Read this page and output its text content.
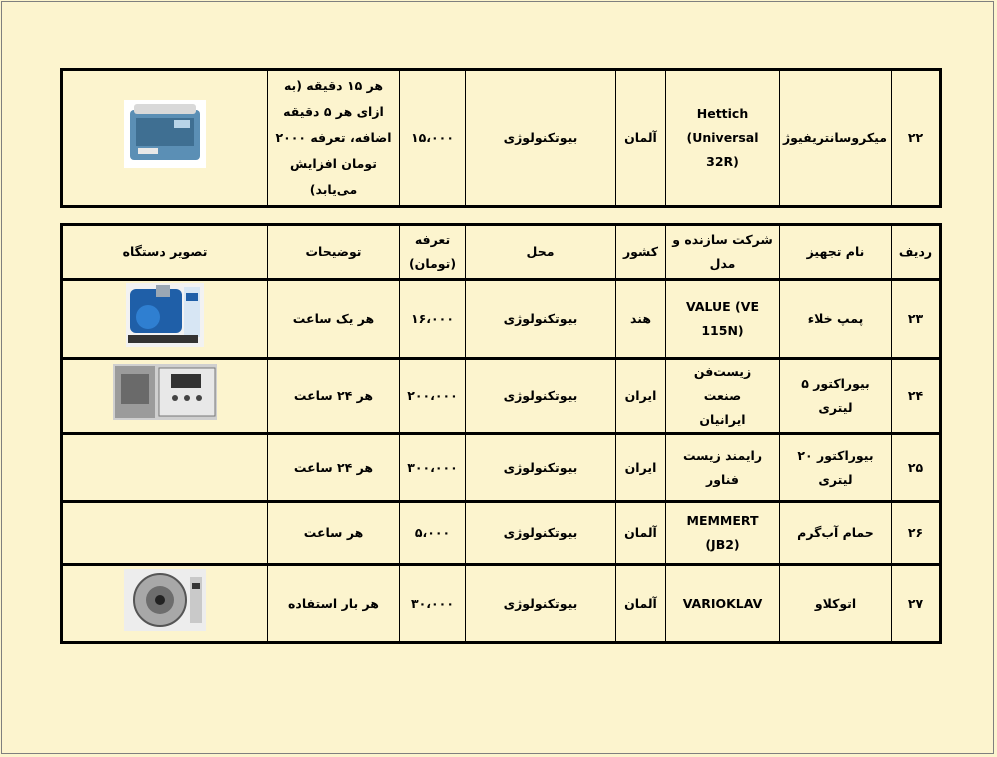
۲۲	میکروسانتریفیوژ	Hettich (Universal 32R)	آلمان	بیوتکنولوژی	۱۵،۰۰۰	هر ۱۵ دقیقه (به ازای هر ۵ دقیقه اضافه، تعرفه ۲۰۰۰ تومان افزایش می‌یابد)	
ردیف	نام تجهیز	شرکت سازنده و مدل	کشور	محل	تعرفه (تومان)	توضیحات	تصویر دستگاه
۲۳	پمپ خلاء	VALUE (VE 115N)	هند	بیوتکنولوژی	۱۶،۰۰۰	هر یک ساعت	

۲۴	بیوراکتور ۵ لیتری	زیست‌فن صنعت ایرانیان	ایران	بیوتکنولوژی	۲۰۰،۰۰۰	هر ۲۴ ساعت	

۲۵	بیوراکتور ۲۰ لیتری	رایمند زیست فناور	ایران	بیوتکنولوژی	۳۰۰،۰۰۰	هر ۲۴ ساعت	
۲۶	حمام آب‌گرم	MEMMERT (JB2)	آلمان	بیوتکنولوژی	۵،۰۰۰	هر ساعت	
۲۷	اتوکلاو	VARIOKLAV	آلمان	بیوتکنولوژی	۳۰،۰۰۰	هر بار استفاده	
